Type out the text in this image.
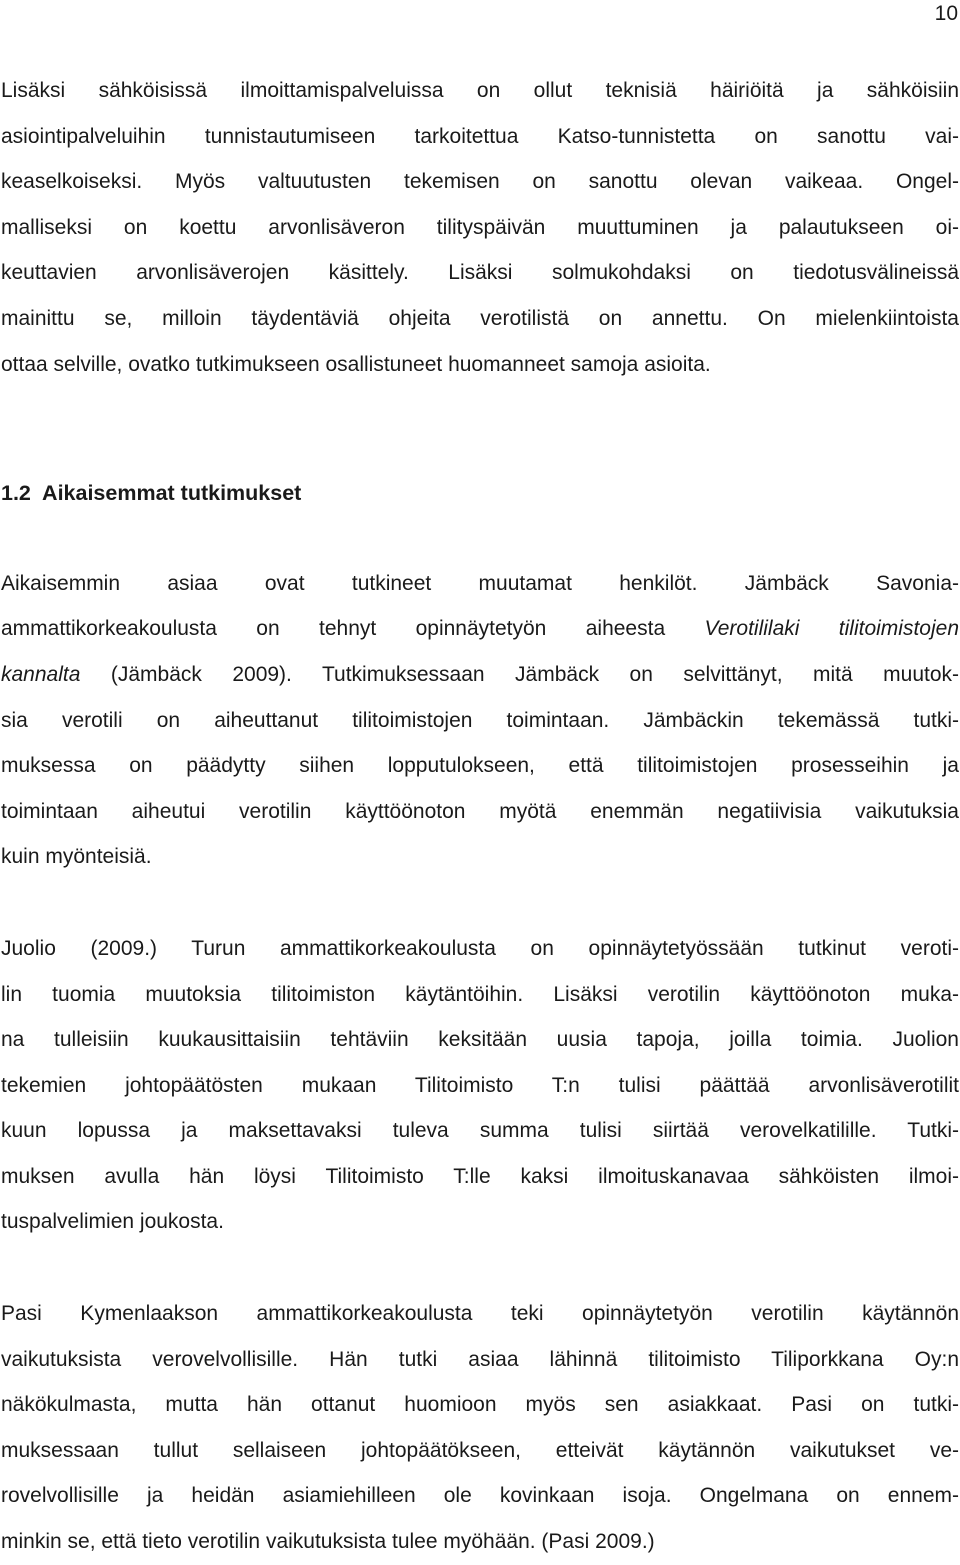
10
Lisäksi sähköisissä ilmoittamispalveluissa on ollut teknisiä häiriöitä ja sähköisiin
asiointipalveluihin tunnistautumiseen tarkoitettua Katso-tunnistetta on sanottu vai-
keaselkoiseksi. Myös valtuutusten tekemisen on sanottu olevan vaikeaa. Ongel-
malliseksi on koettu arvonlisäveron tilityspäivän muuttuminen ja palautukseen oi-
keuttavien arvonlisäverojen käsittely. Lisäksi solmukohdaksi on tiedotusvälineissä
mainittu se, milloin täydentäviä ohjeita verotilistä on annettu. On mielenkiintoista
ottaa selville, ovatko tutkimukseen osallistuneet huomanneet samoja asioita.
1.2  Aikaisemmat tutkimukset
Aikaisemmin asiaa ovat tutkineet muutamat henkilöt. Jämbäck Savonia-
ammattikorkeakoulusta on tehnyt opinnäytetyön aiheesta Verotililaki tilitoimistojen
kannalta (Jämbäck 2009). Tutkimuksessaan Jämbäck on selvittänyt, mitä muutok-
sia verotili on aiheuttanut tilitoimistojen toimintaan. Jämbäckin tekemässä tutki-
muksessa on päädytty siihen lopputulokseen, että tilitoimistojen prosesseihin ja
toimintaan aiheutui verotilin käyttöönoton myötä enemmän negatiivisia vaikutuksia
kuin myönteisiä.
Juolio (2009.) Turun ammattikorkeakoulusta on opinnäytetyössään tutkinut veroti-
lin tuomia muutoksia tilitoimiston käytäntöihin. Lisäksi verotilin käyttöönoton muka-
na tulleisiin kuukausittaisiin tehtäviin keksitään uusia tapoja, joilla toimia. Juolion
tekemien johtopäätösten mukaan Tilitoimisto T:n tulisi päättää arvonlisäverotilit
kuun lopussa ja maksettavaksi tuleva summa tulisi siirtää verovelkatilille. Tutki-
muksen avulla hän löysi Tilitoimisto T:lle kaksi ilmoituskanavaa sähköisten ilmoi-
tuspalvelimien joukosta.
Pasi Kymenlaakson ammattikorkeakoulusta teki opinnäytetyön verotilin käytännön
vaikutuksista verovelvollisille. Hän tutki asiaa lähinnä tilitoimisto Tiliporkkana Oy:n
näkökulmasta, mutta hän ottanut huomioon myös sen asiakkaat. Pasi on tutki-
muksessaan tullut sellaiseen johtopäätökseen, etteivät käytännön vaikutukset ve-
rovelvollisille ja heidän asiamiehilleen ole kovinkaan isoja. Ongelmana on ennem-
minkin se, että tieto verotilin vaikutuksista tulee myöhään. (Pasi 2009.)
